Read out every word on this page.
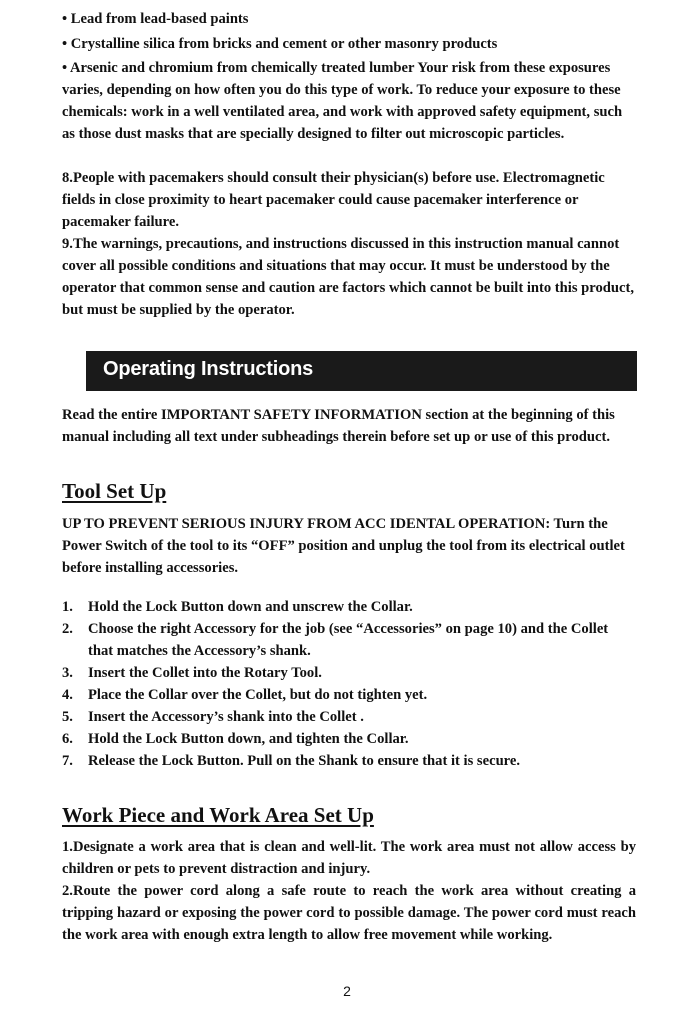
• Lead from lead-based paints

• Crystalline silica from bricks and cement or other masonry products

• Arsenic and chromium from chemically treated lumber Your risk from these exposures varies, depending on how often you do this type of work. To reduce your exposure to these chemicals: work in a well ventilated area, and work with approved safety equipment, such as those dust masks that are specially designed to filter out microscopic particles.

8.People with pacemakers should consult their physician(s) before use. Electromagnetic fields in close proximity to heart pacemaker could cause pacemaker interference or pacemaker failure.

9.The warnings, precautions, and instructions discussed in this instruction manual cannot cover all possible conditions and situations that may occur. It must be understood by the operator that common sense and caution are factors which cannot be built into this product, but must be supplied by the operator.

Operating Instructions

Read the entire IMPORTANT SAFETY INFORMATION section at the beginning of this manual including all text under subheadings therein before set up or use of this product.

Tool Set Up

UP TO PREVENT SERIOUS INJURY FROM ACC IDENTAL OPERATION: Turn the Power Switch of the tool to its “OFF” position and unplug the tool from its electrical outlet before installing accessories.

1. Hold the Lock Button down and unscrew the Collar.
2. Choose the right Accessory for the job (see “Accessories” on page 10) and the Collet that matches the Accessory’s shank.
3. Insert the Collet into the Rotary Tool.
4. Place the Collar over the Collet, but do not tighten yet.
5. Insert the Accessory’s shank into the Collet .
6. Hold the Lock Button down, and tighten the Collar.
7. Release the Lock Button. Pull on the Shank to ensure that it is secure.
Work Piece and Work Area Set Up

1.Designate a work area that is clean and well-lit. The work area must not allow access by children or pets to prevent distraction and injury.

2.Route the power cord along a safe route to reach the work area without creating a tripping hazard or exposing the power cord to possible damage. The power cord must reach the work area with enough extra length to allow free movement while working.

2
